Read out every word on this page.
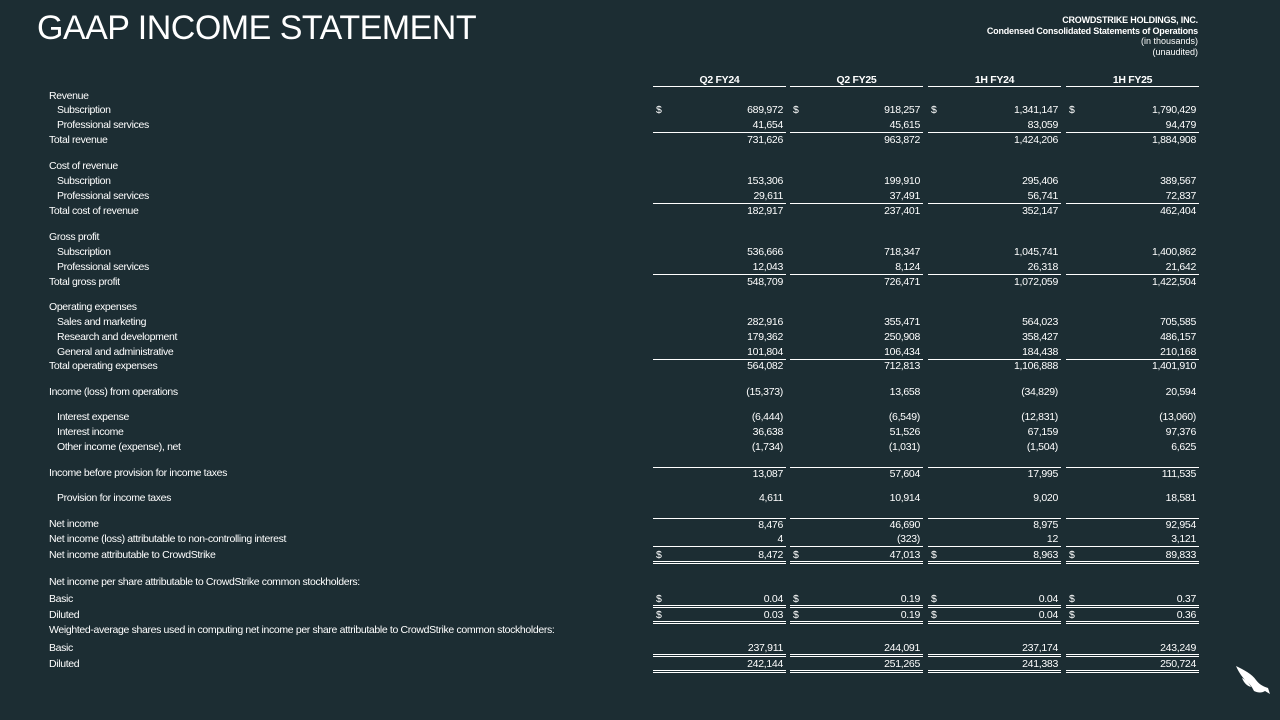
GAAP INCOME STATEMENT	CROWDSTRIKE HOLDINGS, INC.
Condensed Consolidated Statements of Operations
(in thousands)
(unaudited)
Q2 FY24	Q2 FY25	1H FY24	1H FY25
Revenue
Subscription	$	689,972 $	918,257 $	1,341,147 $	1,790,429
Professional services	41,654	45,615	83,059	94,479
Total revenue	731,626	963,872	1,424,206	1,884,908
Cost of revenue
Subscription	153,306	199,910	295,406	389,567
Professional services	29,611	37,491	56,741	72,837
Total cost of revenue	182,917	237,401	352,147	462,404
Gross profit
Subscription	536,666	718,347	1,045,741	1,400,862
Professional services	12,043	8,124	26,318	21,642
Total gross profit	548,709	726,471	1,072,059	1,422,504
Operating expenses
Sales and marketing	282,916	355,471	564,023	705,585
Research and development	179,362	250,908	358,427	486,157
General and administrative	101,804	106,434	184,438	210,168
Total operating expenses	564,082	712,813	1,106,888	1,401,910
Income (loss) from operations	(15,373)	13,658	(34,829)	20,594
Interest expense	(6,444)	(6,549)	(12,831)	(13,060)
Interest income	36,638	51,526	67,159	97,376
Other income (expense), net	(1,734)	(1,031)	(1,504)	6,625
Income before provision for income taxes	13,087	57,604	17,995	111,535
Provision for income taxes	4,611	10,914	9,020	18,581
Net income	8,476	46,690	8,975	92,954
Net income (loss) attributable to non-controlling interest	4	(323)	12	3,121
Net income attributable to CrowdStrike	$	8,472 $	47,013 $	8,963 $	89,833
Net income per share attributable to CrowdStrike common stockholders:
Basic	$	0.04 $	0.19 $	0.04 $	0.37
Diluted	$	0.03 $	0.19 $	0.04 $	0.36
Weighted-average shares used in computing net income per share attributable to CrowdStrike common stockholders:
Basic	237,911	244,091	237,174	243,249
Diluted	242,144	251,265	241,383	250,724
